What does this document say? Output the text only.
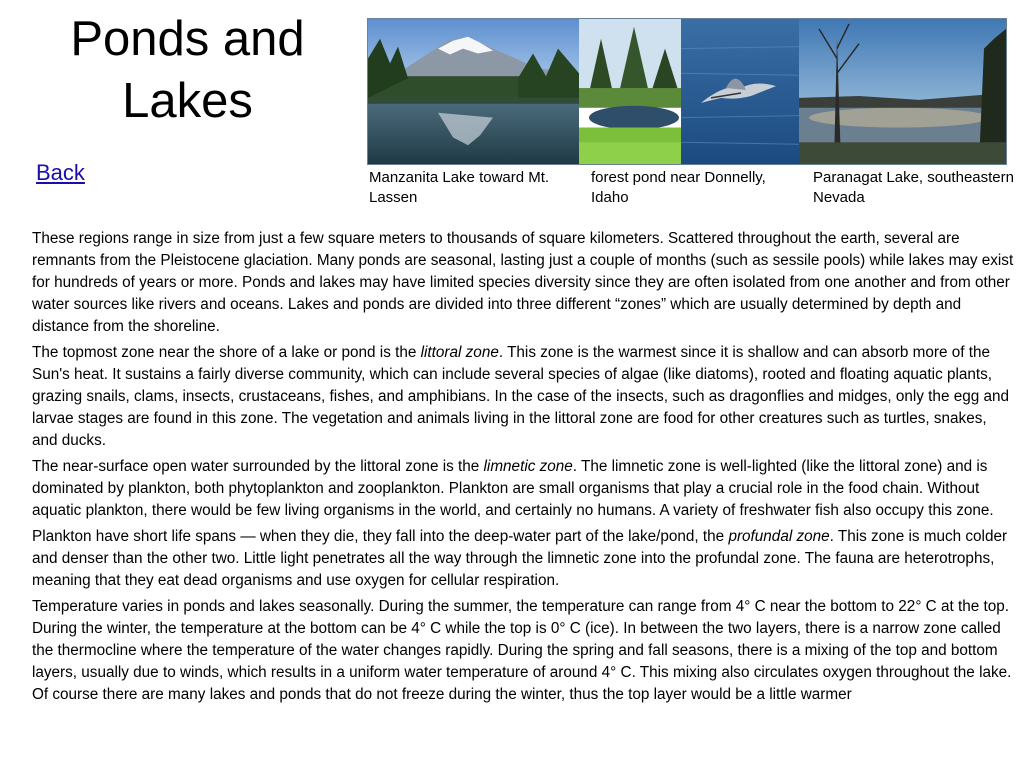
Ponds and Lakes
Back	Manzanita Lake toward Mt. Lassen
forest pond near Donnelly, Idaho
Paranagat Lake, southeastern Nevada

These regions range in size from just a few square meters to thousands of square kilometers. Scattered throughout the earth, several are remnants from the Pleistocene glaciation. Many ponds are seasonal, lasting just a couple of months (such as sessile pools) while lakes may exist for hundreds of years or more. Ponds and lakes may have limited species diversity since they are often isolated from one another and from other water sources like rivers and oceans. Lakes and ponds are divided into three different “zones” which are usually determined by depth and distance from the shoreline.

The topmost zone near the shore of a lake or pond is the littoral zone. This zone is the warmest since it is shallow and can absorb more of the Sun's heat. It sustains a fairly diverse community, which can include several species of algae (like diatoms), rooted and floating aquatic plants, grazing snails, clams, insects, crustaceans, fishes, and amphibians. In the case of the insects, such as dragonflies and midges, only the egg and larvae stages are found in this zone. The vegetation and animals living in the littoral zone are food for other creatures such as turtles, snakes, and ducks.

The near-surface open water surrounded by the littoral zone is the limnetic zone. The limnetic zone is well-lighted (like the littoral zone) and is dominated by plankton, both phytoplankton and zooplankton. Plankton are small organisms that play a crucial role in the food chain. Without aquatic plankton, there would be few living organisms in the world, and certainly no humans. A variety of freshwater fish also occupy this zone.

Plankton have short life spans — when they die, they fall into the deep-water part of the lake/pond, the profundal zone. This zone is much colder and denser than the other two. Little light penetrates all the way through the limnetic zone into the profundal zone. The fauna are heterotrophs, meaning that they eat dead organisms and use oxygen for cellular respiration.

Temperature varies in ponds and lakes seasonally. During the summer, the temperature can range from 4° C near the bottom to 22° C at the top. During the winter, the temperature at the bottom can be 4° C while the top is 0° C (ice). In between the two layers, there is a narrow zone called the thermocline where the temperature of the water changes rapidly. During the spring and fall seasons, there is a mixing of the top and bottom layers, usually due to winds, which results in a uniform water temperature of around 4° C. This mixing also circulates oxygen throughout the lake. Of course there are many lakes and ponds that do not freeze during the winter, thus the top layer would be a little warmer
